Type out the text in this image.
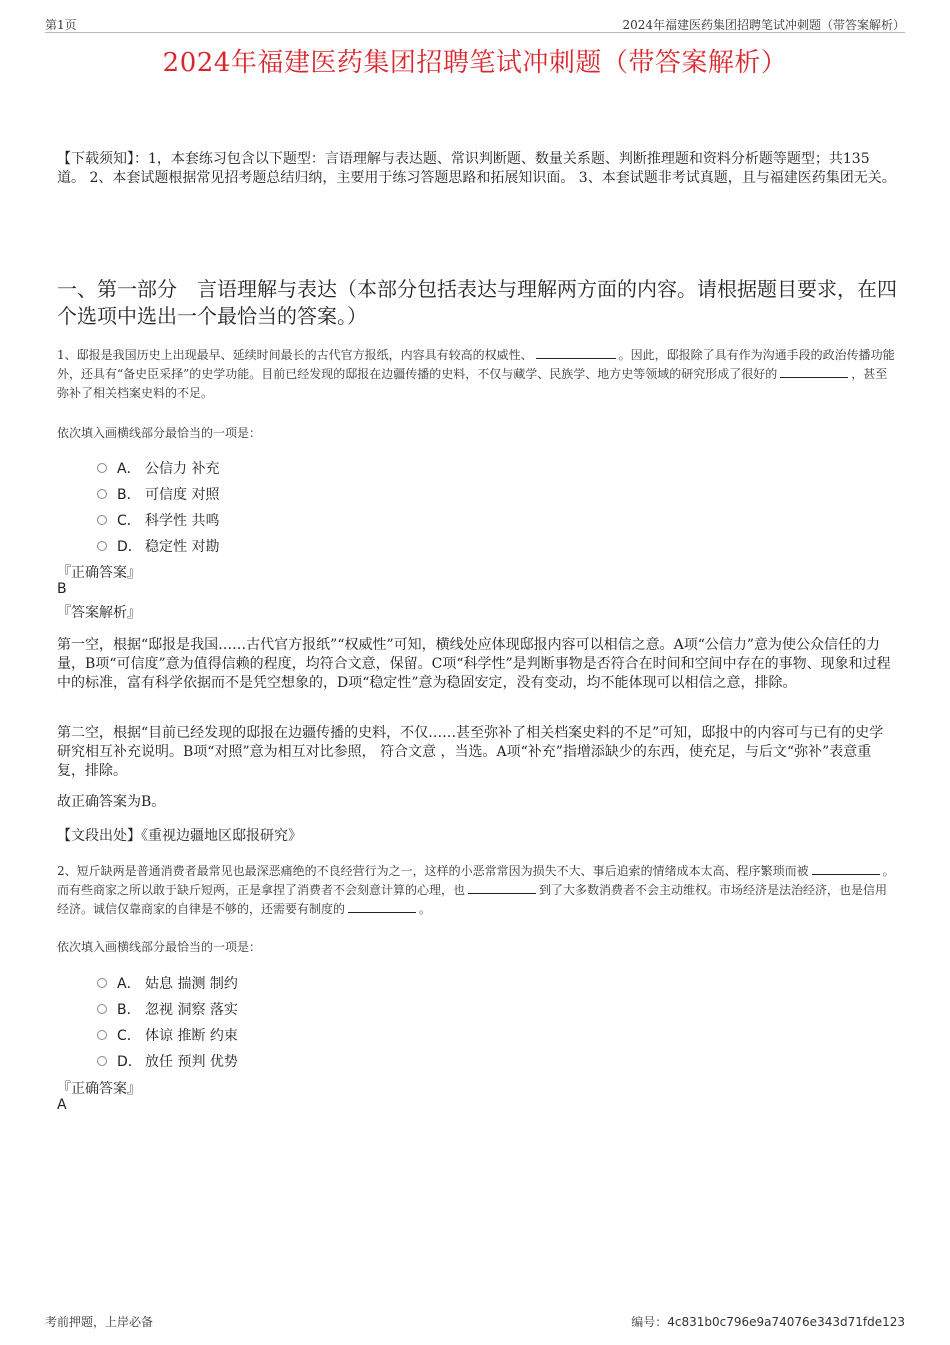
第1页	2024年福建医药集团招聘笔试冲刺题（带答案解析）
2024年福建医药集团招聘笔试冲刺题（带答案解析）
【下载须知】：1，本套练习包含以下题型：言语理解与表达题、常识判断题、数量关系题、判断推理题和资料分析题等题型；共135道。 2、本套试题根据常见招考题总结归纳，主要用于练习答题思路和拓展知识面。 3、本套试题非考试真题，且与福建医药集团无关。
一、第一部分　言语理解与表达（本部分包括表达与理解两方面的内容。请根据题目要求，在四个选项中选出一个最恰当的答案。）
1、邸报是我国历史上出现最早、延续时间最长的古代官方报纸，内容具有较高的权威性、	。因此，邸报除了具有作为沟通手段的政治传播功能外，还具有“备史臣采择”的史学功能。目前已经发现的邸报在边疆传播的史料，不仅与藏学、民族学、地方史等领域的研究形成了很好的	，甚至弥补了相关档案史料的不足。
依次填入画横线部分最恰当的一项是：
A． 公信力 补充
B． 可信度 对照
C． 科学性 共鸣
D． 稳定性 对勘
『正确答案』
B
『答案解析』
第一空，根据“邸报是我国……古代官方报纸”“权威性”可知，横线处应体现邸报内容可以相信之意。A项“公信力”意为使公众信任的力量，B项“可信度”意为值得信赖的程度，均符合文意，保留。C项“科学性”是判断事物是否符合在时间和空间中存在的事物、现象和过程中的标准，富有科学依据而不是凭空想象的，D项“稳定性”意为稳固安定，没有变动，均不能体现可以相信之意，排除。
第二空，根据“目前已经发现的邸报在边疆传播的史料，不仅……甚至弥补了相关档案史料的不足”可知，邸报中的内容可与已有的史学研究相互补充说明。B项“对照”意为相互对比参照， 符合文意 ，当选。A项“补充”指增添缺少的东西，使充足，与后文“弥补”表意重复，排除。
故正确答案为B。
【文段出处】《重视边疆地区邸报研究》
2、短斤缺两是普通消费者最常见也最深恶痛绝的不良经营行为之一，这样的小恶常常因为损失不大、事后追索的情绪成本太高、程序繁琐而被	。而有些商家之所以敢于缺斤短两，正是拿捏了消费者不会刻意计算的心理，也	到了大多数消费者不会主动维权。市场经济是法治经济，也是信用经济。诚信仅靠商家的自律是不够的，还需要有制度的	。
依次填入画横线部分最恰当的一项是：
A． 姑息 揣测 制约
B． 忽视 洞察 落实
C． 体谅 推断 约束
D． 放任 预判 优势
『正确答案』
A
考前押题，上岸必备	编号：4c831b0c796e9a74076e343d71fde123
